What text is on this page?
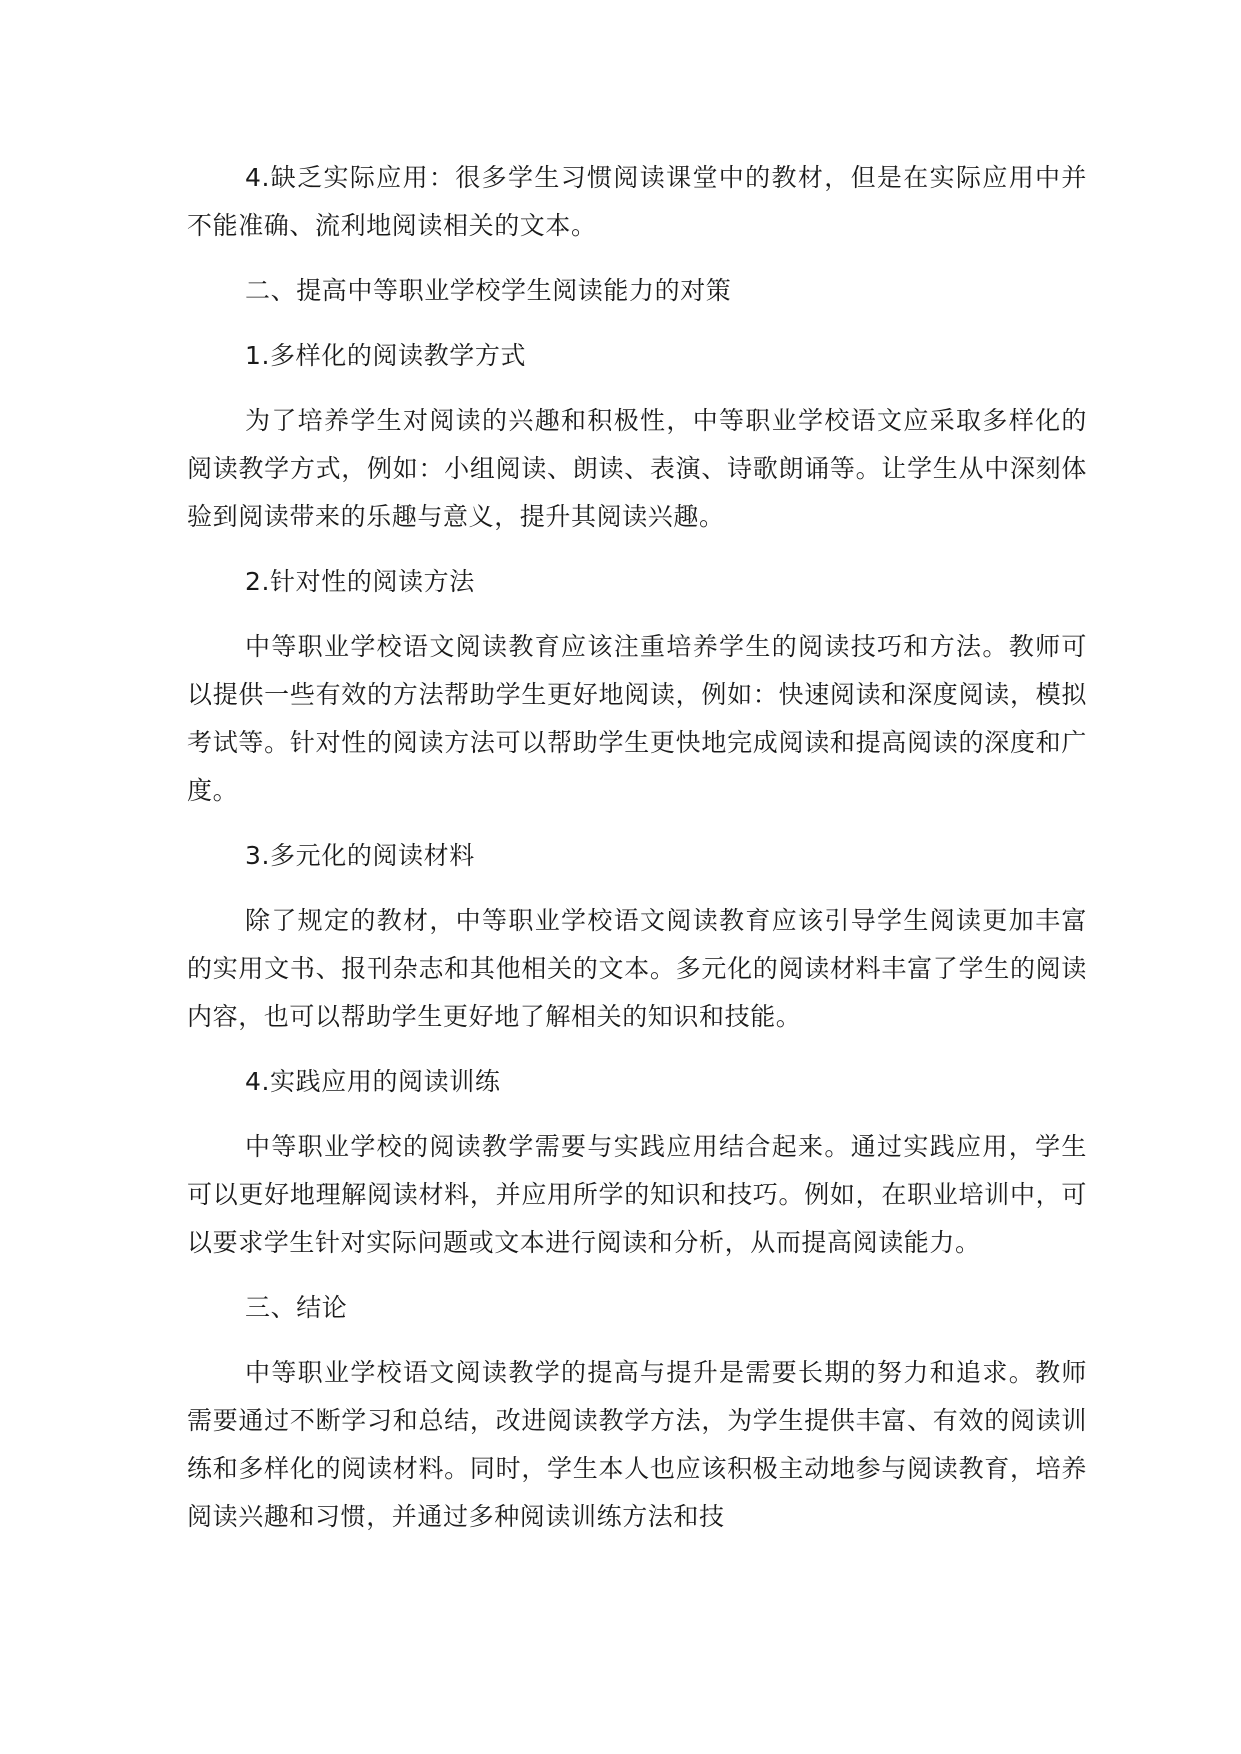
4.缺乏实际应用：很多学生习惯阅读课堂中的教材，但是在实际应用中并不能准确、流利地阅读相关的文本。

二、提高中等职业学校学生阅读能力的对策

1.多样化的阅读教学方式

为了培养学生对阅读的兴趣和积极性，中等职业学校语文应采取多样化的阅读教学方式，例如：小组阅读、朗读、表演、诗歌朗诵等。让学生从中深刻体验到阅读带来的乐趣与意义，提升其阅读兴趣。

2.针对性的阅读方法

中等职业学校语文阅读教育应该注重培养学生的阅读技巧和方法。教师可以提供一些有效的方法帮助学生更好地阅读，例如：快速阅读和深度阅读，模拟考试等。针对性的阅读方法可以帮助学生更快地完成阅读和提高阅读的深度和广度。

3.多元化的阅读材料

除了规定的教材，中等职业学校语文阅读教育应该引导学生阅读更加丰富的实用文书、报刊杂志和其他相关的文本。多元化的阅读材料丰富了学生的阅读内容，也可以帮助学生更好地了解相关的知识和技能。

4.实践应用的阅读训练

中等职业学校的阅读教学需要与实践应用结合起来。通过实践应用，学生可以更好地理解阅读材料，并应用所学的知识和技巧。例如，在职业培训中，可以要求学生针对实际问题或文本进行阅读和分析，从而提高阅读能力。

三、结论

中等职业学校语文阅读教学的提高与提升是需要长期的努力和追求。教师需要通过不断学习和总结，改进阅读教学方法，为学生提供丰富、有效的阅读训练和多样化的阅读材料。同时，学生本人也应该积极主动地参与阅读教育，培养阅读兴趣和习惯，并通过多种阅读训练方法和技
